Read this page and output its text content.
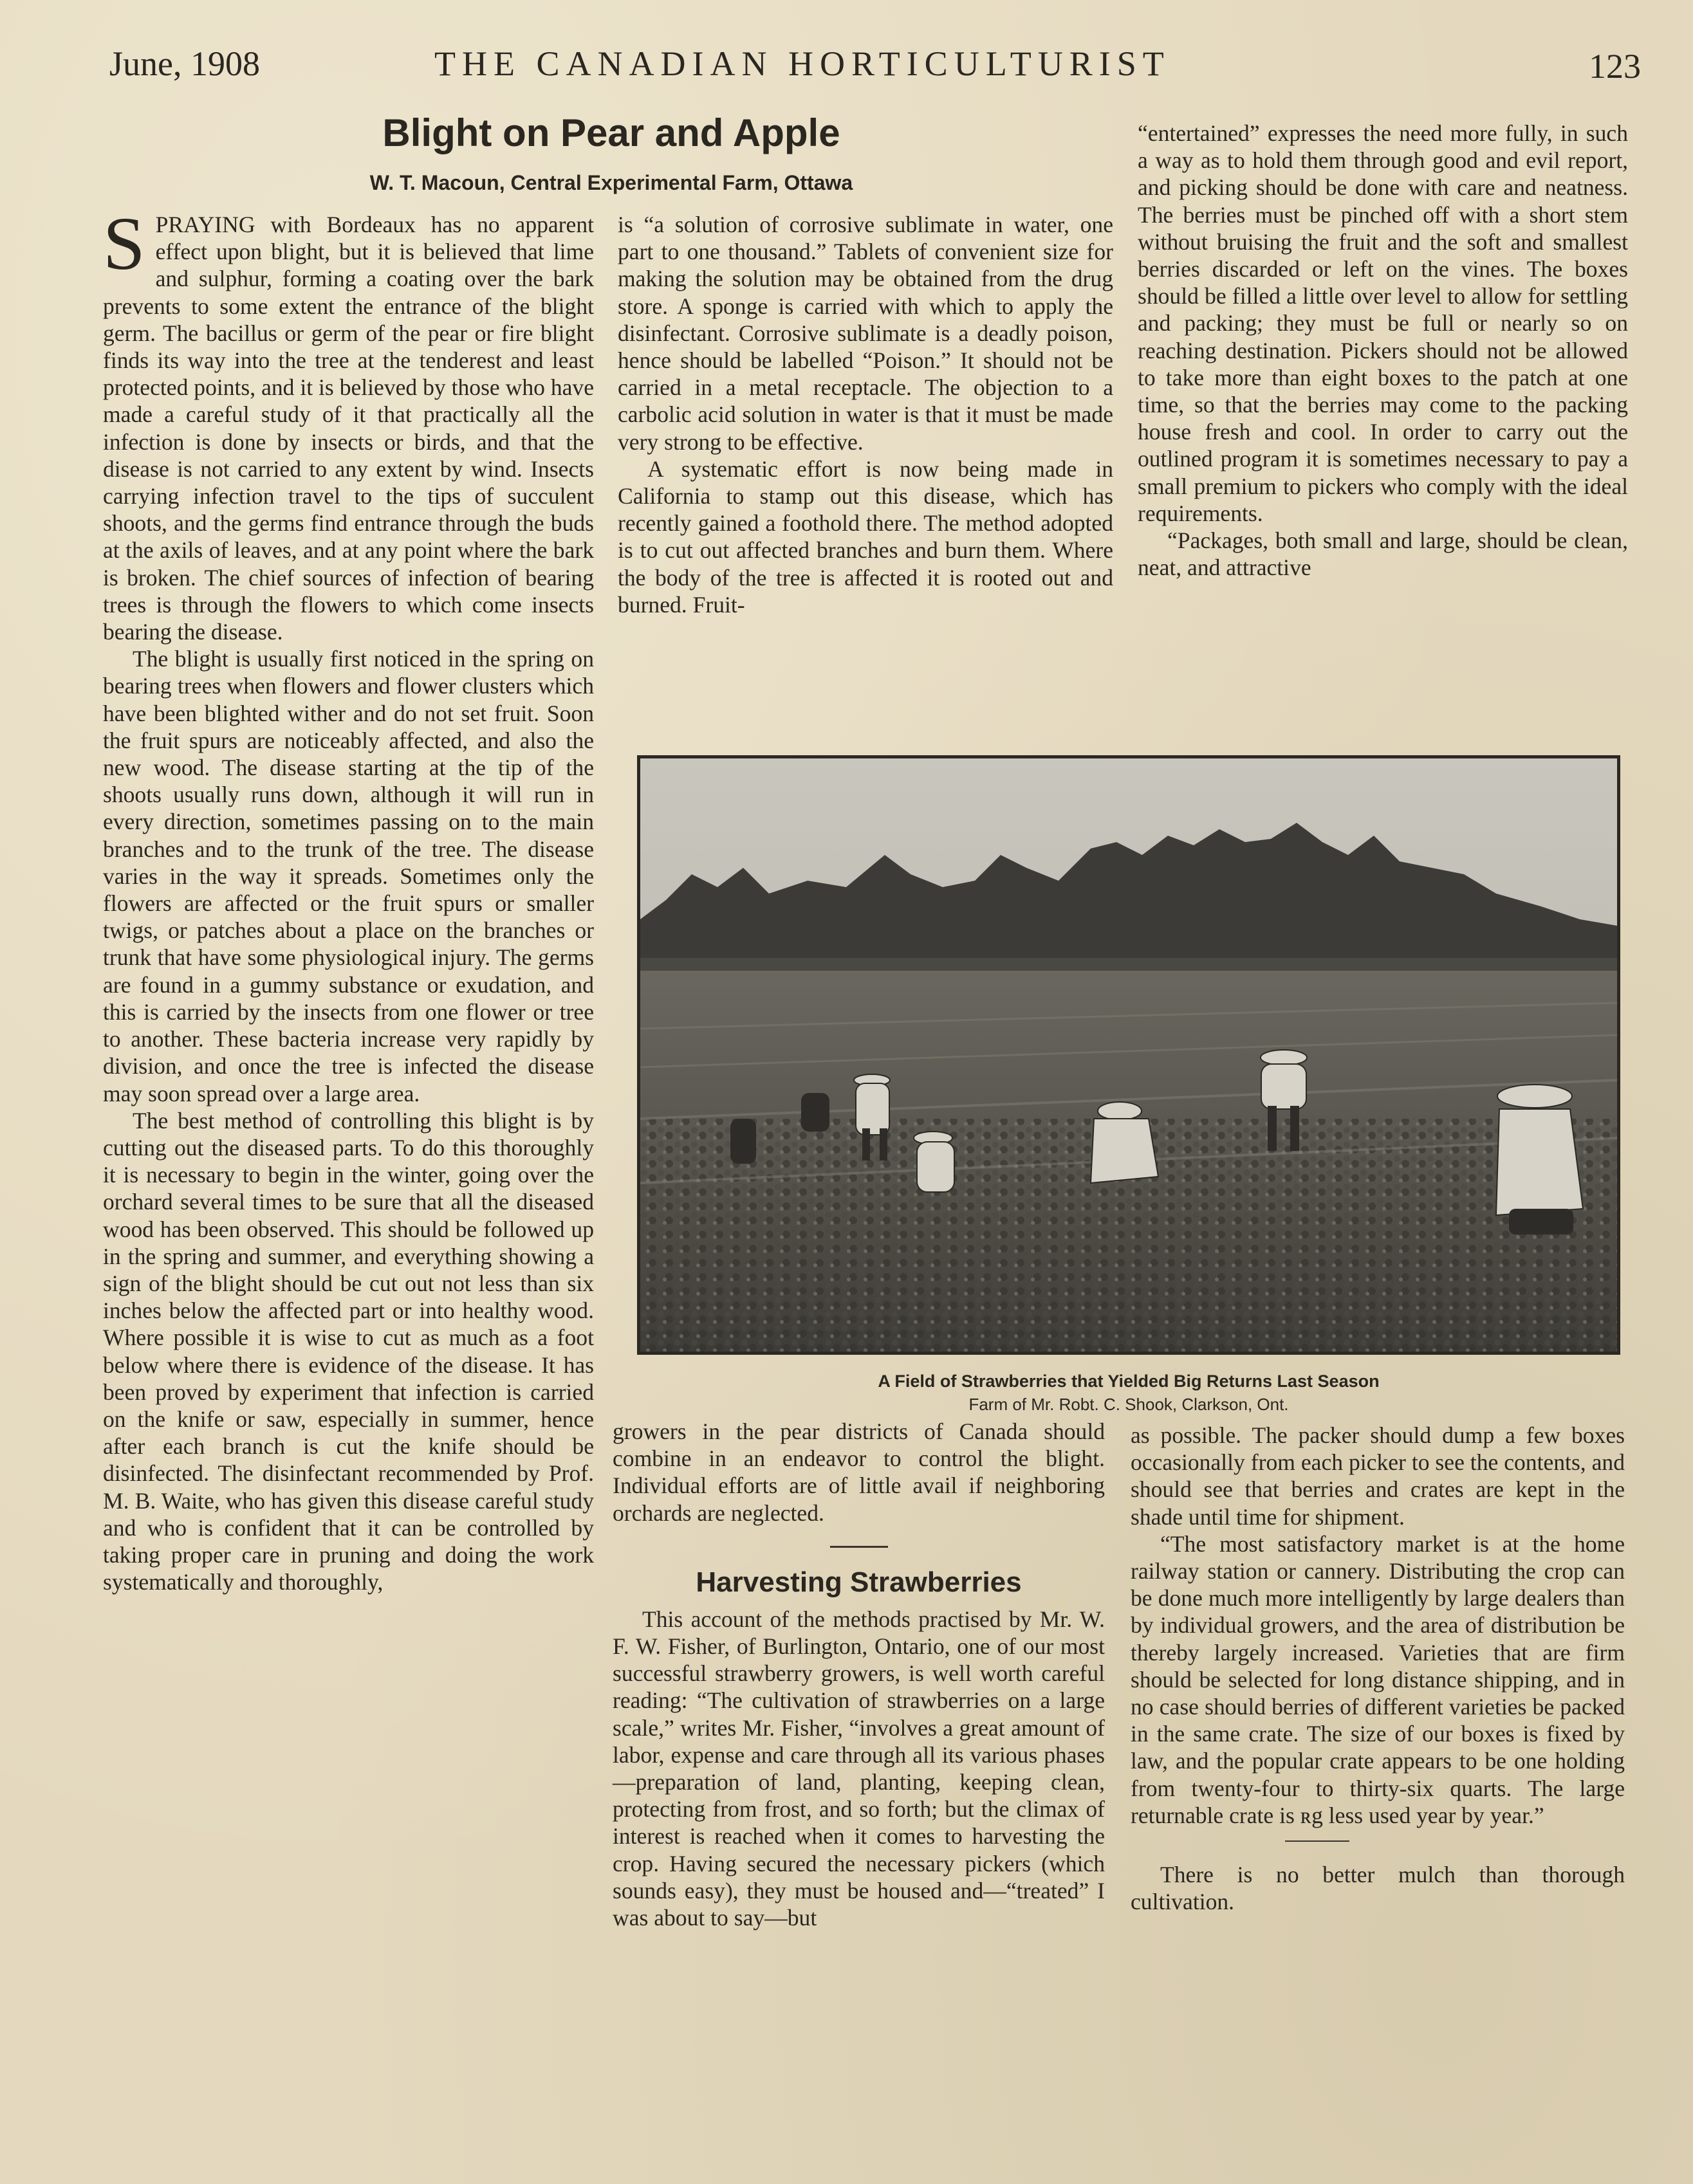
June, 1908	THE CANADIAN HORTICULTURIST	123
Blight on Pear and Apple
W. T. Macoun, Central Experimental Farm, Ottawa

SPRAYING with Bordeaux has no apparent effect upon blight, but it is believed that lime and sulphur, forming a coating over the bark prevents to some extent the entrance of the blight germ. The bacillus or germ of the pear or fire blight finds its way into the tree at the tenderest and least protected points, and it is believed by those who have made a careful study of it that practically all the infection is done by insects or birds, and that the disease is not carried to any extent by wind. Insects carrying infection travel to the tips of succulent shoots, and the germs find entrance through the buds at the axils of leaves, and at any point where the bark is broken. The chief sources of infection of bearing trees is through the flowers to which come insects bearing the disease.

The blight is usually first noticed in the spring on bearing trees when flowers and flower clusters which have been blighted wither and do not set fruit. Soon the fruit spurs are noticeably affected, and also the new wood. The disease starting at the tip of the shoots usually runs down, although it will run in every direction, sometimes passing on to the main branches and to the trunk of the tree. The disease varies in the way it spreads. Sometimes only the flowers are affected or the fruit spurs or smaller twigs, or patches about a place on the branches or trunk that have some physiological injury. The germs are found in a gummy substance or exudation, and this is carried by the insects from one flower or tree to another. These bacteria increase very rapidly by division, and once the tree is infected the disease may soon spread over a large area.

The best method of controlling this blight is by cutting out the diseased parts. To do this thoroughly it is necessary to begin in the winter, going over the orchard several times to be sure that all the diseased wood has been observed. This should be followed up in the spring and summer, and everything showing a sign of the blight should be cut out not less than six inches below the affected part or into healthy wood. Where possible it is wise to cut as much as a foot below where there is evidence of the disease. It has been proved by experiment that infection is carried on the knife or saw, especially in summer, hence after each branch is cut the knife should be disinfected. The disinfectant recommended by Prof. M. B. Waite, who has given this disease careful study and who is confident that it can be controlled by taking proper care in pruning and doing the work systematically and thoroughly,

is “a solution of corrosive sublimate in water, one part to one thousand.” Tablets of convenient size for making the solution may be obtained from the drug store. A sponge is carried with which to apply the disinfectant. Corrosive sublimate is a deadly poison, hence should be labelled “Poison.” It should not be carried in a metal receptacle. The objection to a carbolic acid solution in water is that it must be made very strong to be effective.

A systematic effort is now being made in California to stamp out this disease, which has recently gained a foothold there. The method adopted is to cut out affected branches and burn them. Where the body of the tree is affected it is rooted out and burned. Fruit-

“entertained” expresses the need more fully, in such a way as to hold them through good and evil report, and picking should be done with care and neatness. The berries must be pinched off with a short stem without bruising the fruit and the soft and smallest berries discarded or left on the vines. The boxes should be filled a little over level to allow for settling and packing; they must be full or nearly so on reaching destination. Pickers should not be allowed to take more than eight boxes to the patch at one time, so that the berries may come to the packing house fresh and cool. In order to carry out the outlined program it is sometimes necessary to pay a small premium to pickers who comply with the ideal requirements.

“Packages, both small and large, should be clean, neat, and attractive

A Field of Strawberries that Yielded Big Returns Last Season
Farm of Mr. Robt. C. Shook, Clarkson, Ont.

growers in the pear districts of Canada should combine in an endeavor to control the blight. Individual efforts are of little avail if neighboring orchards are neglected.

Harvesting Strawberries

This account of the methods practised by Mr. W. F. W. Fisher, of Burlington, Ontario, one of our most successful strawberry growers, is well worth careful reading: “The cultivation of strawberries on a large scale,” writes Mr. Fisher, “involves a great amount of labor, expense and care through all its various phases—preparation of land, planting, keeping clean, protecting from frost, and so forth; but the climax of interest is reached when it comes to harvesting the crop. Having secured the necessary pickers (which sounds easy), they must be housed and—“treated” I was about to say—but

as possible. The packer should dump a few boxes occasionally from each picker to see the contents, and should see that berries and crates are kept in the shade until time for shipment.

“The most satisfactory market is at the home railway station or cannery. Distributing the crop can be done much more intelligently by large dealers than by individual growers, and the area of distribution be thereby largely increased. Varieties that are firm should be selected for long distance shipping, and in no case should berries of different varieties be packed in the same crate. The size of our boxes is fixed by law, and the popular crate appears to be one holding from twenty-four to thirty-six quarts. The large returnable crate is ʀg less used year by year.”

There is no better mulch than thorough cultivation.
